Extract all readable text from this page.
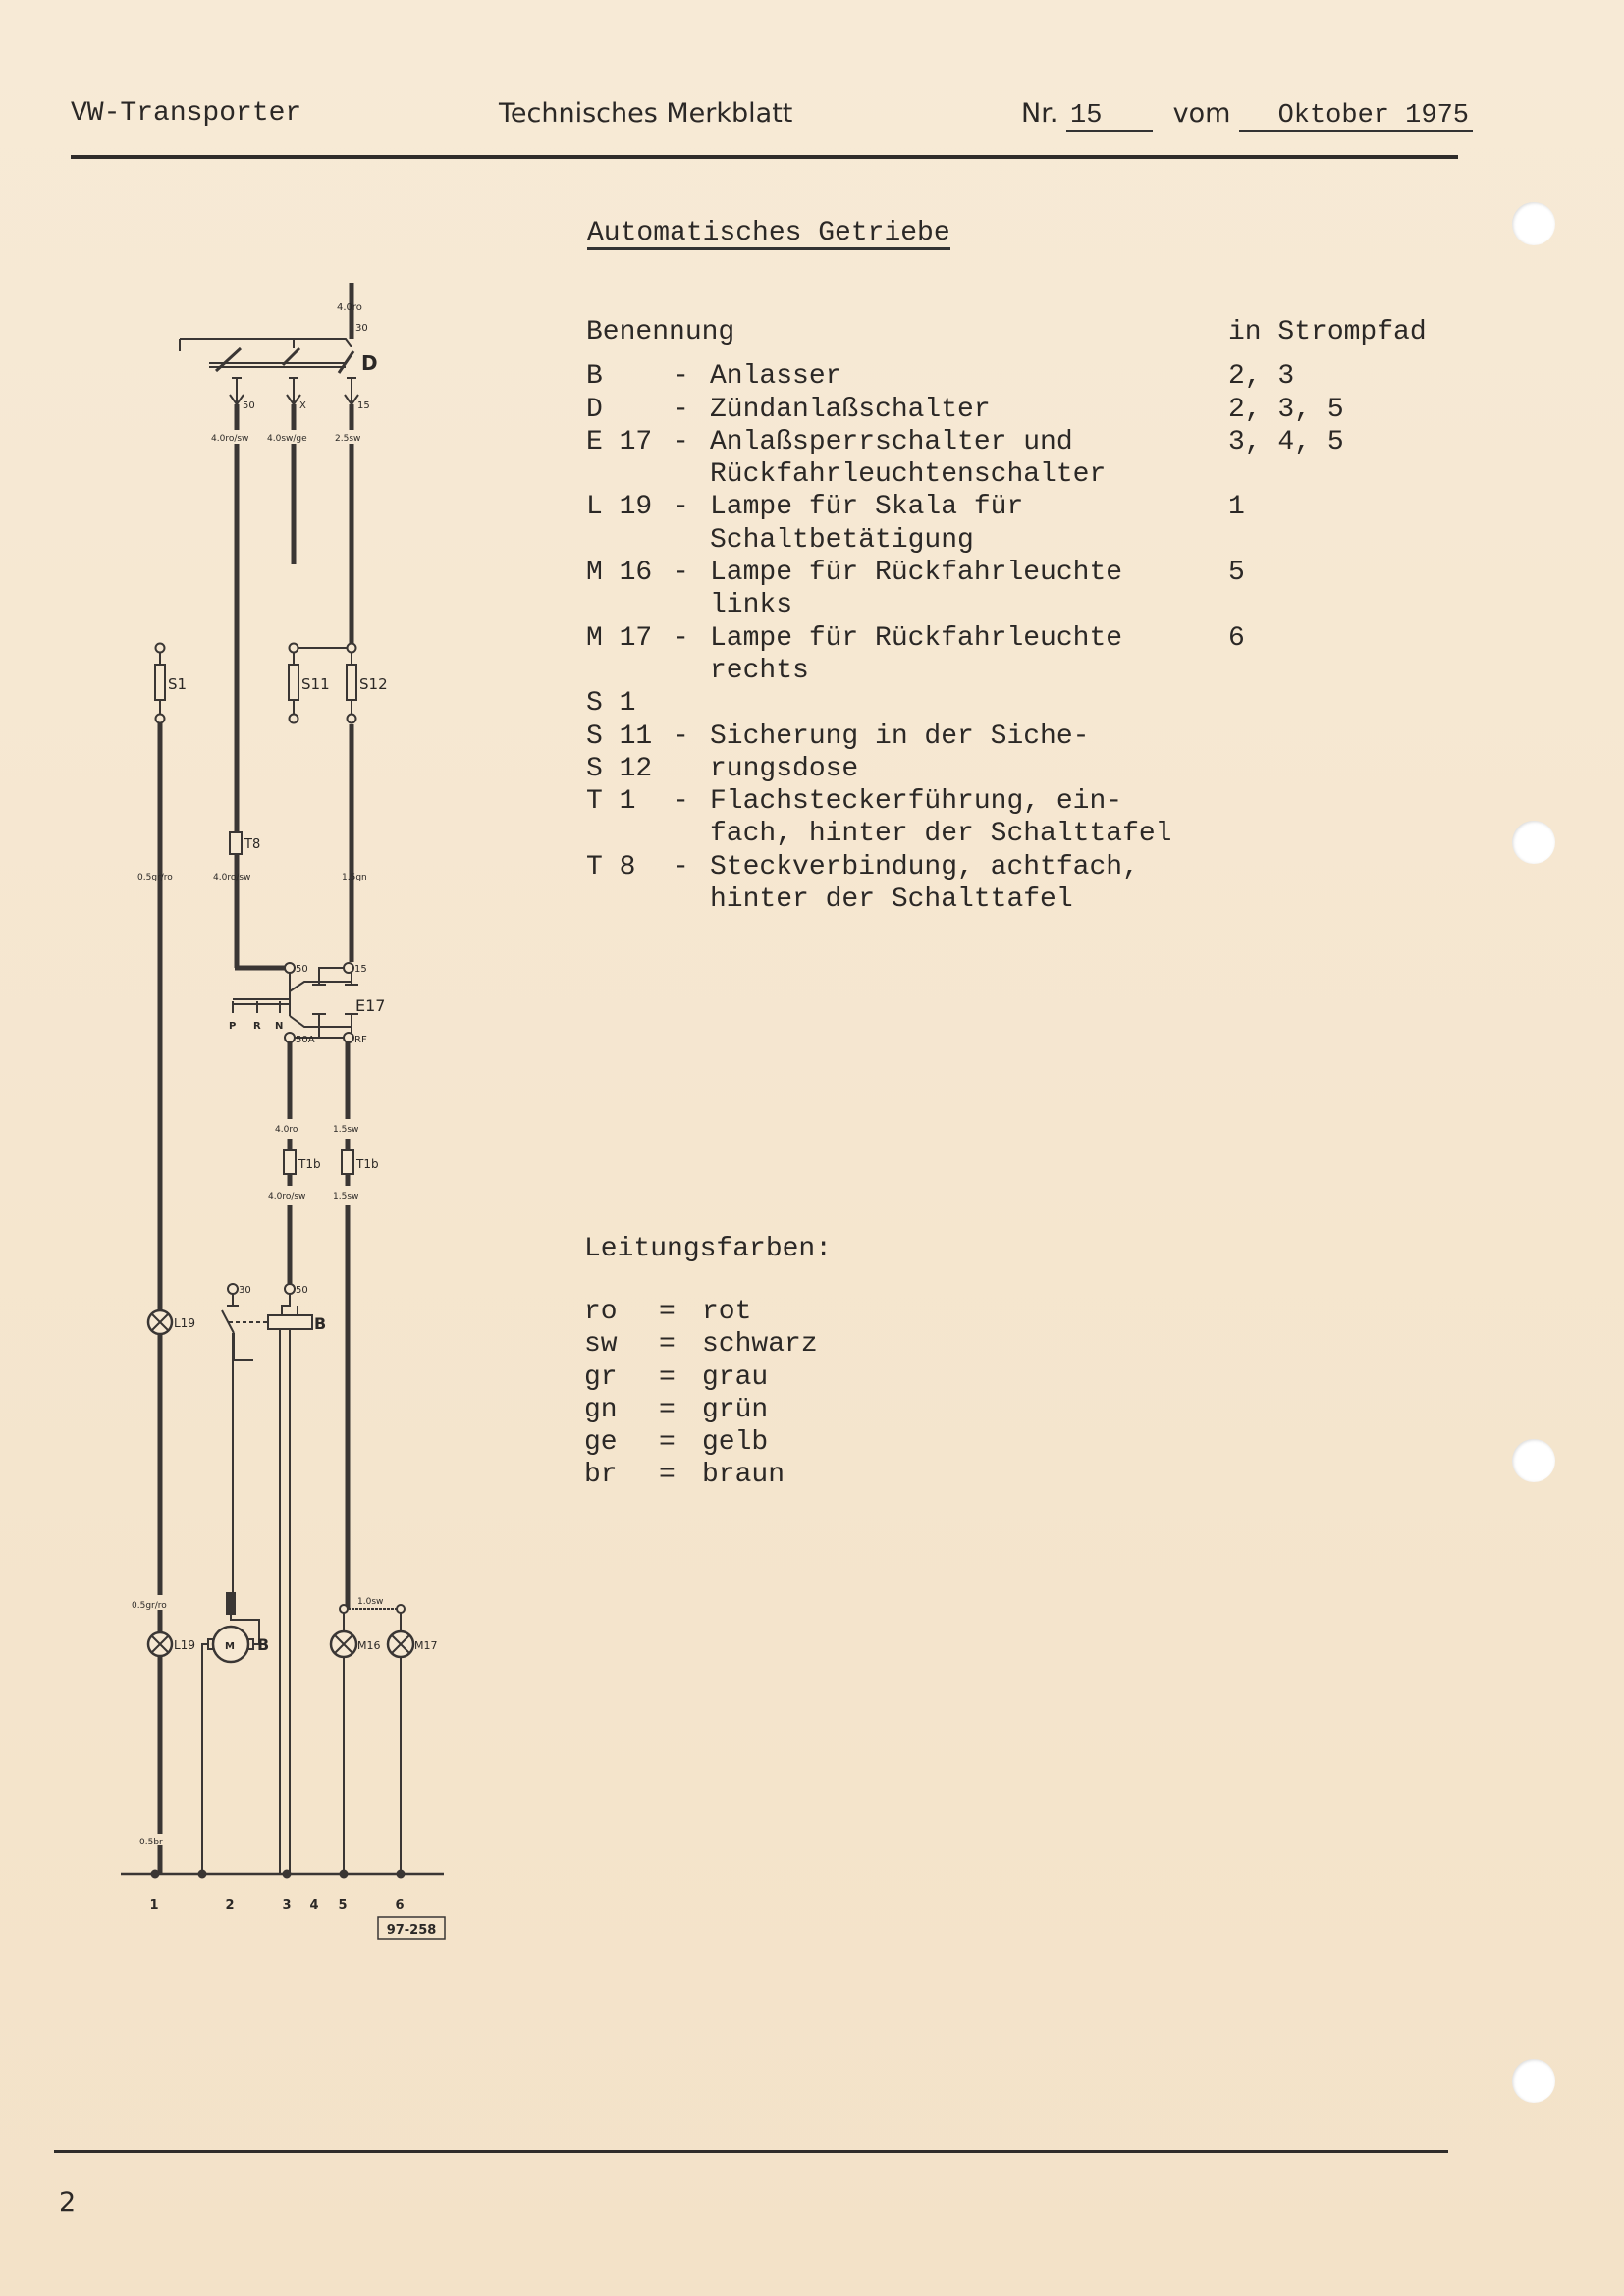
VW-Transporter	Technisches Merkblatt	Nr. 15	vom Oktober 1975
Automatisches Getriebe
Benennung	in Strompfad
B	- Anlasser	2, 3
D	- Zündanlaßschalter	2, 3, 5
E 17 - Anlaßsperrschalter und	3, 4, 5
Rückfahrleuchtenschalter
L 19 - Lampe für Skala für	1
Schaltbetätigung
M 16 - Lampe für Rückfahrleuchte	5
links
M 17 - Lampe für Rückfahrleuchte	6
rechts
S 1
S 11 - Sicherung in der Siche-
S 12	rungsdose
T 1	- Flachsteckerführung, ein-
fach, hinter der Schalttafel
T 8	- Steckverbindung, achtfach,
hinter der Schalttafel
Leitungsfarben:
ro	= rot
sw	= schwarz
gr	= grau
gn	= grün
ge	= gelb
br	= braun
4.0ro
30
D
50	X	15
4.0ro/sw 4.0sw/ge	2.5sw
S1	S11 S12
T8
0.5gr/ro	4.0ro/sw	1.5gn
50	15
E17
P R N
50A	RF
4.0ro	1.5sw
T1b	T1b
4.0ro/sw	1.5sw
30	50
L19	B
0.5gr/ro
L19	M B
1.0sw
M16	M17
0.5br
1	2	3 4 5	6
97-258
2
